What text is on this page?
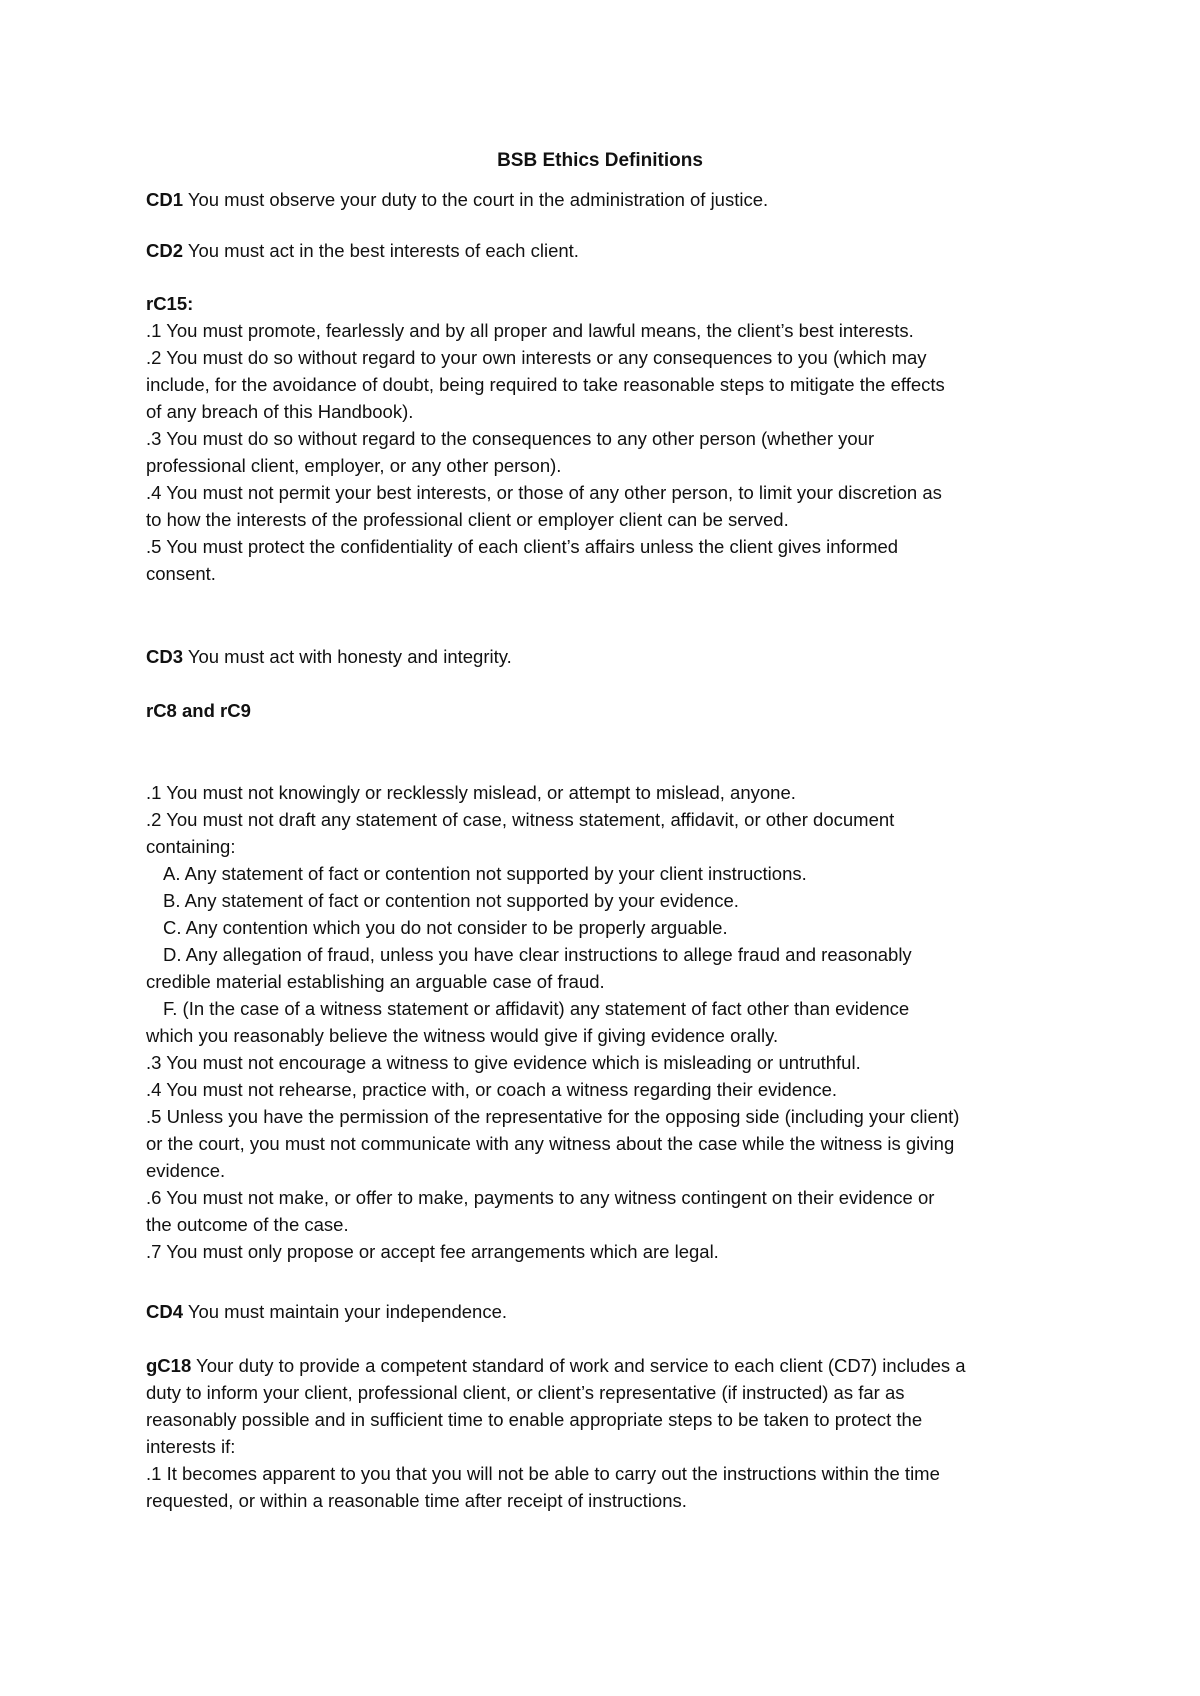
BSB Ethics Definitions
CD1 You must observe your duty to the court in the administration of justice.
CD2 You must act in the best interests of each client.
rC15:
.1 You must promote, fearlessly and by all proper and lawful means, the client’s best interests.
.2 You must do so without regard to your own interests or any consequences to you (which may
include, for the avoidance of doubt, being required to take reasonable steps to mitigate the effects
of any breach of this Handbook).
.3 You must do so without regard to the consequences to any other person (whether your
professional client, employer, or any other person).
.4 You must not permit your best interests, or those of any other person, to limit your discretion as
to how the interests of the professional client or employer client can be served.
.5 You must protect the confidentiality of each client’s affairs unless the client gives informed
consent.
CD3 You must act with honesty and integrity.
rC8 and rC9
.1 You must not knowingly or recklessly mislead, or attempt to mislead, anyone.
.2 You must not draft any statement of case, witness statement, affidavit, or other document
containing:
A. Any statement of fact or contention not supported by your client instructions.
B. Any statement of fact or contention not supported by your evidence.
C. Any contention which you do not consider to be properly arguable.
D. Any allegation of fraud, unless you have clear instructions to allege fraud and reasonably
credible material establishing an arguable case of fraud.
F. (In the case of a witness statement or affidavit) any statement of fact other than evidence
which you reasonably believe the witness would give if giving evidence orally.
.3 You must not encourage a witness to give evidence which is misleading or untruthful.
.4 You must not rehearse, practice with, or coach a witness regarding their evidence.
.5 Unless you have the permission of the representative for the opposing side (including your client)
or the court, you must not communicate with any witness about the case while the witness is giving
evidence.
.6 You must not make, or offer to make, payments to any witness contingent on their evidence or
the outcome of the case.
.7 You must only propose or accept fee arrangements which are legal.
CD4 You must maintain your independence.
gC18 Your duty to provide a competent standard of work and service to each client (CD7) includes a
duty to inform your client, professional client, or client’s representative (if instructed) as far as
reasonably possible and in sufficient time to enable appropriate steps to be taken to protect the
interests if:
.1 It becomes apparent to you that you will not be able to carry out the instructions within the time
requested, or within a reasonable time after receipt of instructions.
